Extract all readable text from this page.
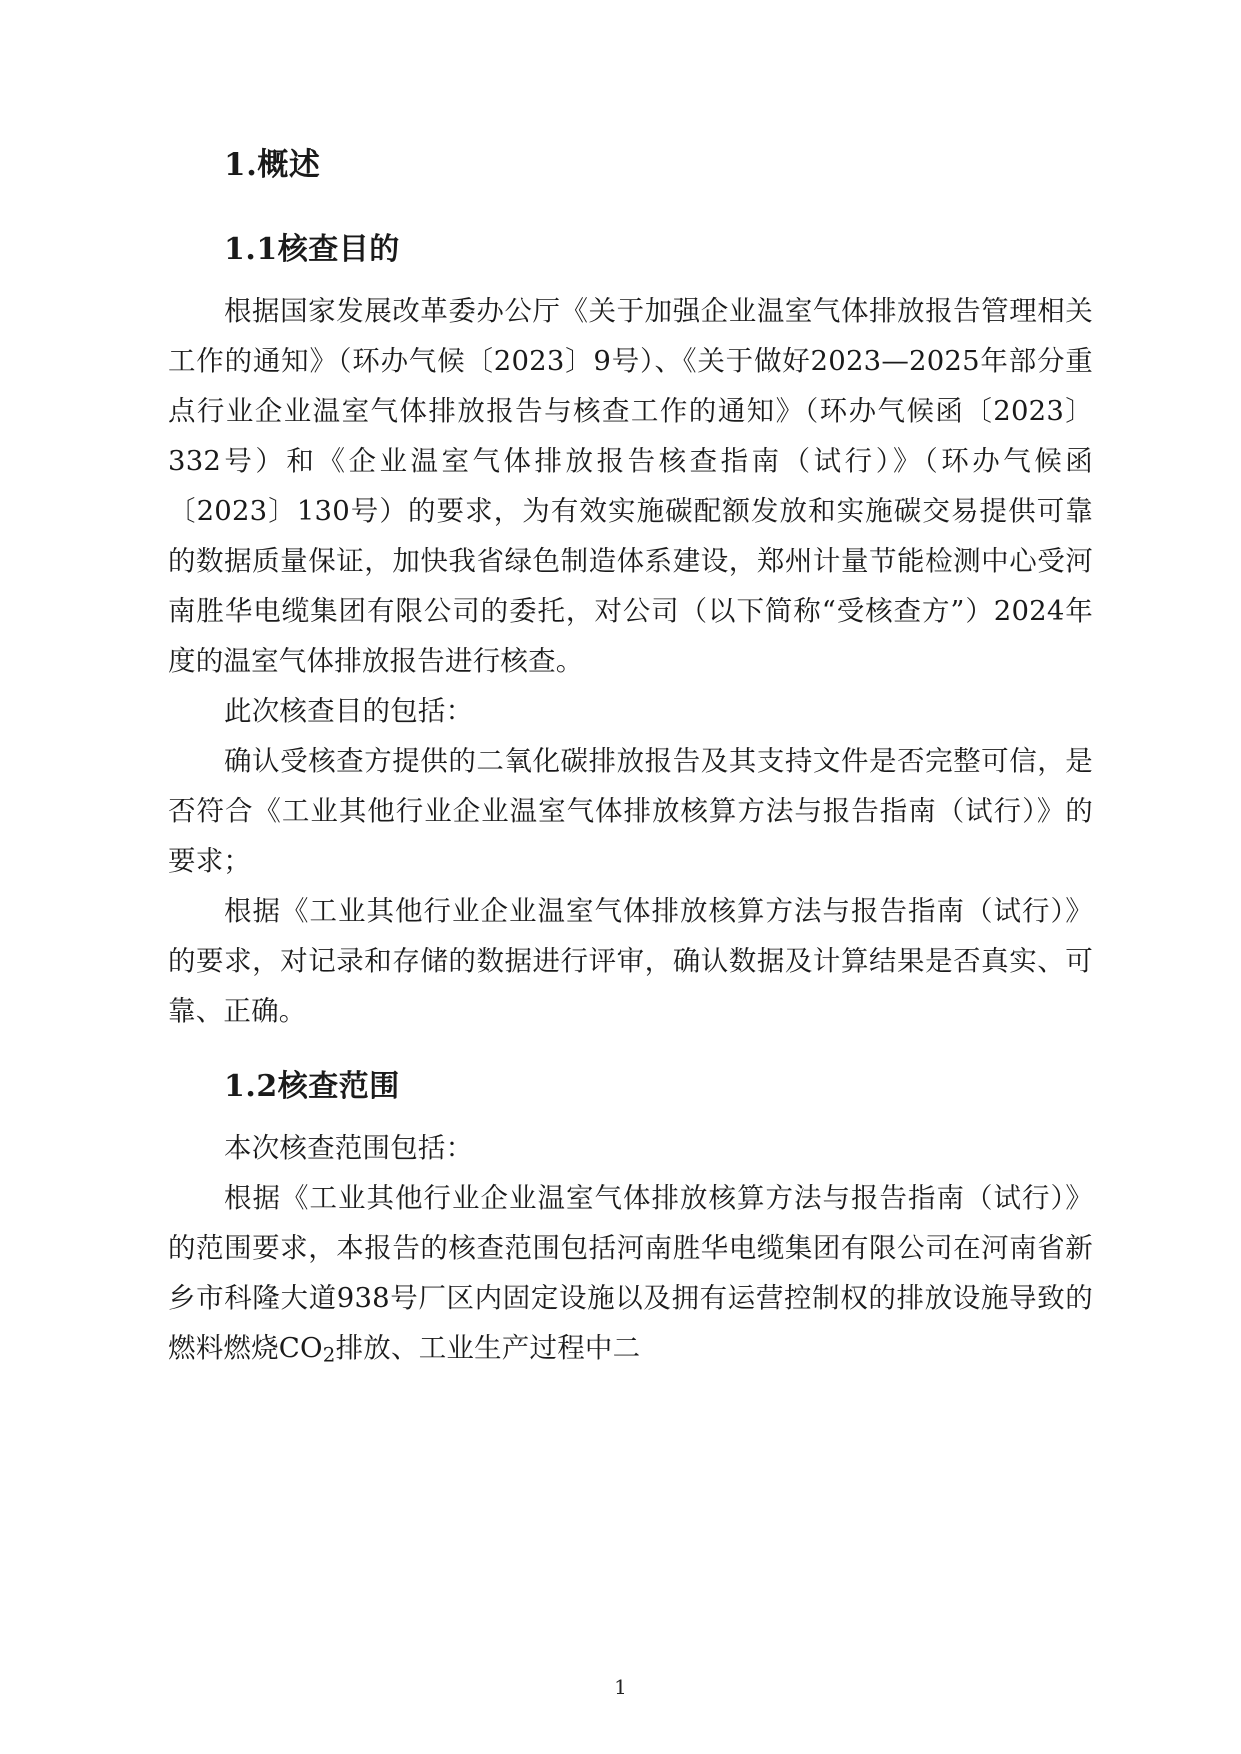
1.概述
1.1核查目的

根据国家发展改革委办公厅《关于加强企业温室气体排放报告管理相关工作的通知》（环办气候〔2023〕9号）、《关于做好2023—2025年部分重点行业企业温室气体排放报告与核查工作的通知》（环办气候函〔2023〕332号）和《企业温室气体排放报告核查指南（试行）》（环办气候函〔2023〕130号）的要求，为有效实施碳配额发放和实施碳交易提供可靠的数据质量保证，加快我省绿色制造体系建设，郑州计量节能检测中心受河南胜华电缆集团有限公司的委托，对公司（以下简称“受核查方”）2024年度的温室气体排放报告进行核查。

此次核查目的包括：

确认受核查方提供的二氧化碳排放报告及其支持文件是否完整可信，是否符合《工业其他行业企业温室气体排放核算方法与报告指南（试行）》的要求；

根据《工业其他行业企业温室气体排放核算方法与报告指南（试行）》的要求，对记录和存储的数据进行评审，确认数据及计算结果是否真实、可靠、正确。

1.2核查范围

本次核查范围包括：

根据《工业其他行业企业温室气体排放核算方法与报告指南（试行）》的范围要求，本报告的核查范围包括河南胜华电缆集团有限公司在河南省新乡市科隆大道938号厂区内固定设施以及拥有运营控制权的排放设施导致的燃料燃烧$CO_2$排放、工业生产过程中二

1
